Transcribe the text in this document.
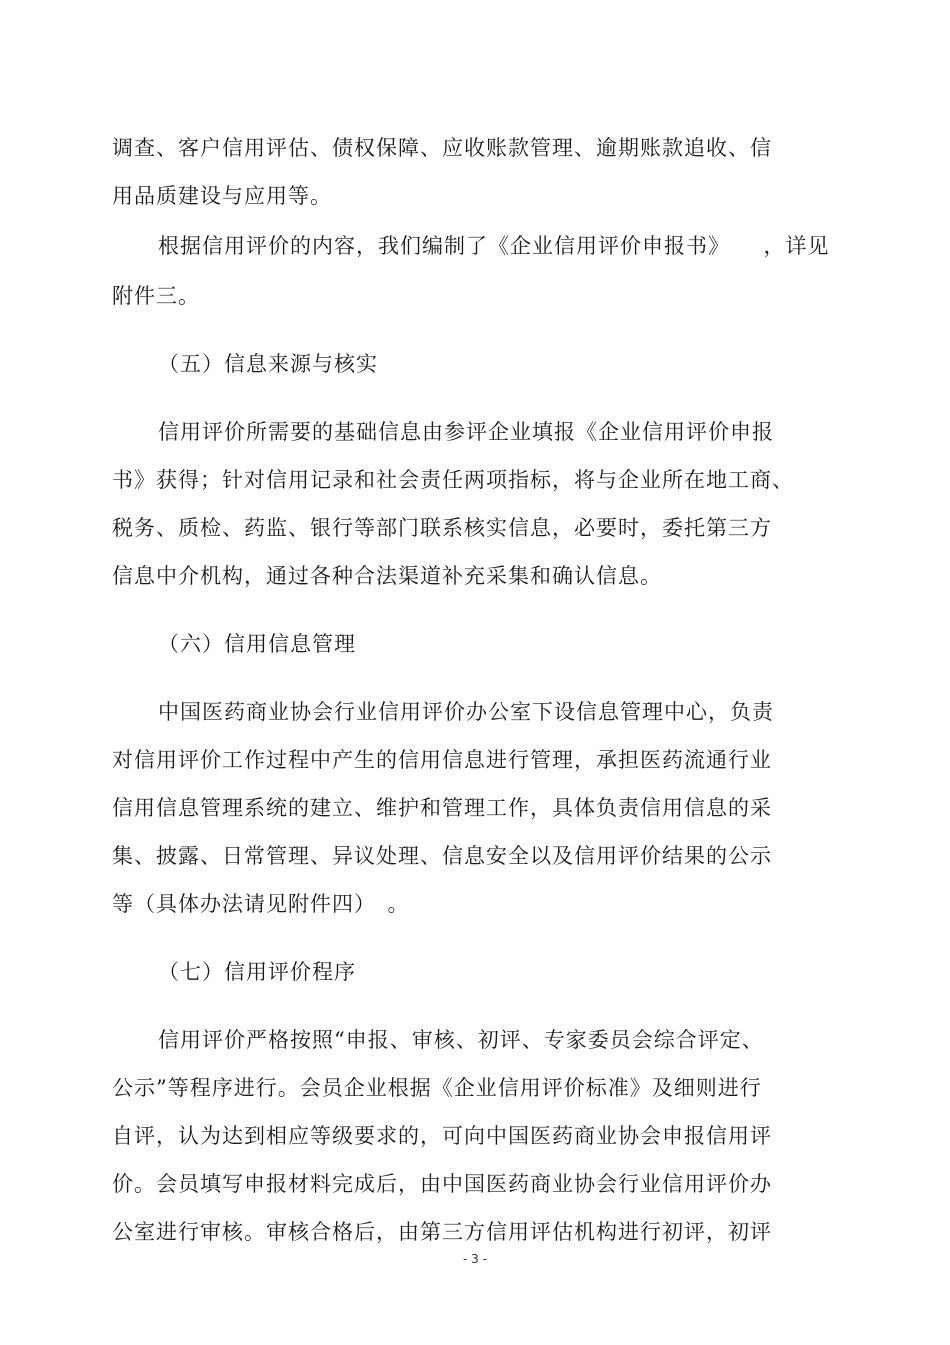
调查、客户信用评估、债权保障、应收账款管理、逾期账款追收、信
用品质建设与应用等。
根据信用评价的内容，我们编制了《企业信用评价申报书》　　，详见
附件三。
（五）信息来源与核实
信用评价所需要的基础信息由参评企业填报《企业信用评价申报
书》获得；针对信用记录和社会责任两项指标，将与企业所在地工商、
税务、质检、药监、银行等部门联系核实信息，必要时，委托第三方
信息中介机构，通过各种合法渠道补充采集和确认信息。
（六）信用信息管理
中国医药商业协会行业信用评价办公室下设信息管理中心，负责
对信用评价工作过程中产生的信用信息进行管理，承担医药流通行业
信用信息管理系统的建立、维护和管理工作，具体负责信用信息的采
集、披露、日常管理、异议处理、信息安全以及信用评价结果的公示
等（具体办法请见附件四）　。
（七）信用评价程序
信用评价严格按照“申报、审核、初评、专家委员会综合评定、
公示”等程序进行。会员企业根据《企业信用评价标准》及细则进行
自评，认为达到相应等级要求的，可向中国医药商业协会申报信用评
价。会员填写申报材料完成后，由中国医药商业协会行业信用评价办
公室进行审核。审核合格后，由第三方信用评估机构进行初评，初评
- 3 -
